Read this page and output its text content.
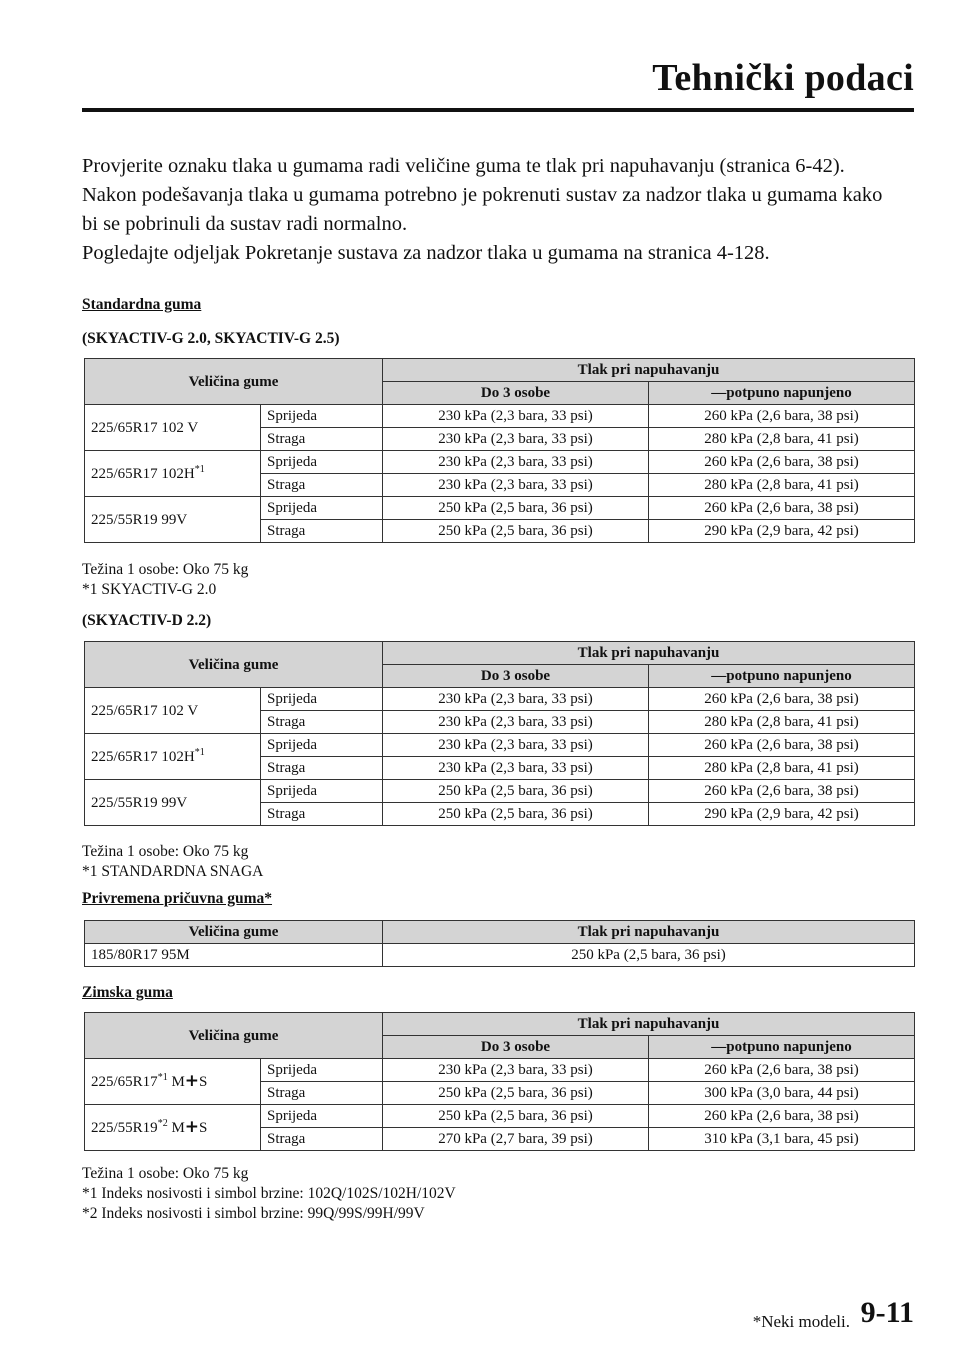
Tehnički podaci

Provjerite oznaku tlaka u gumama radi veličine guma te tlak pri napuhavanju (stranica 6-42).

Nakon podešavanja tlaka u gumama potrebno je pokrenuti sustav za nadzor tlaka u gumama kako bi se pobrinuli da sustav radi normalno.

Pogledajte odjeljak Pokretanje sustava za nadzor tlaka u gumama na stranica 4-128.

Standardna guma
(SKYACTIV-G 2.0, SKYACTIV-G 2.5)
Veličina gume		Tlak pri napuhavanju	
		Do 3 osobe	—potpuno napunjeno
225/65R17 102 V	Sprijeda	230 kPa (2,3 bara, 33 psi)	260 kPa (2,6 bara, 38 psi)
	Straga	230 kPa (2,3 bara, 33 psi)	280 kPa (2,8 bara, 41 psi)
225/65R17 $102H^{*1}$	Sprijeda	230 kPa (2,3 bara, 33 psi)	260 kPa (2,6 bara, 38 psi)
	Straga	230 kPa (2,3 bara, 33 psi)	280 kPa (2,8 bara, 41 psi)
225/55R19 99V	Sprijeda	250 kPa (2,5 bara, 36 psi)	260 kPa (2,6 bara, 38 psi)
	Straga	250 kPa (2,5 bara, 36 psi)	290 kPa (2,9 bara, 42 psi)

Težina 1 osobe: Oko 75 kg

*1 SKYACTIV-G 2.0

(SKYACTIV-D 2.2)
Veličina gume		Tlak pri napuhavanju	
		Do 3 osobe	—potpuno napunjeno
225/65R17 102 V	Sprijeda	230 kPa (2,3 bara, 33 psi)	260 kPa (2,6 bara, 38 psi)
	Straga	230 kPa (2,3 bara, 33 psi)	280 kPa (2,8 bara, 41 psi)
225/65R17 $102H^{*1}$	Sprijeda	230 kPa (2,3 bara, 33 psi)	260 kPa (2,6 bara, 38 psi)
	Straga	230 kPa (2,3 bara, 33 psi)	280 kPa (2,8 bara, 41 psi)
225/55R19 99V	Sprijeda	250 kPa (2,5 bara, 36 psi)	260 kPa (2,6 bara, 38 psi)
	Straga	250 kPa (2,5 bara, 36 psi)	290 kPa (2,9 bara, 42 psi)

Težina 1 osobe: Oko 75 kg

*1 STANDARDNA SNAGA

Privremena pričuvna guma*
Veličina gume	Tlak pri napuhavanju
185/80R17 95M	250 kPa (2,5 bara, 36 psi)
Zimska guma
Veličina gume		Tlak pri napuhavanju	
		Do 3 osobe	—potpuno napunjeno
225/65R17$^{*1}$ M+S	Sprijeda	230 kPa (2,3 bara, 33 psi)	260 kPa (2,6 bara, 38 psi)
	Straga	250 kPa (2,5 bara, 36 psi)	300 kPa (3,0 bara, 44 psi)
225/55R19$^{*2}$ M+S	Sprijeda	250 kPa (2,5 bara, 36 psi)	260 kPa (2,6 bara, 38 psi)
	Straga	270 kPa (2,7 bara, 39 psi)	310 kPa (3,1 bara, 45 psi)

Težina 1 osobe: Oko 75 kg

*1 Indeks nosivosti i simbol brzine: 102Q/102S/102H/102V

*2 Indeks nosivosti i simbol brzine: 99Q/99S/99H/99V

*Neki modeli. 9-11
